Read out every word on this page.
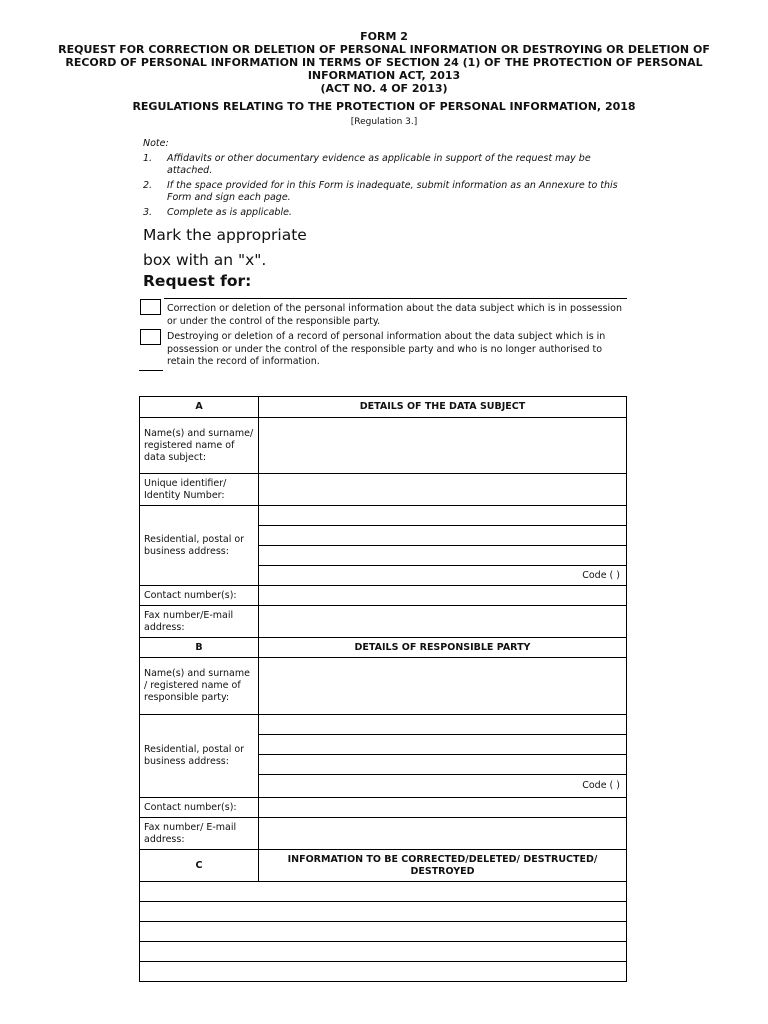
FORM 2
REQUEST FOR CORRECTION OR DELETION OF PERSONAL INFORMATION OR DESTROYING OR DELETION OF
RECORD OF PERSONAL INFORMATION IN TERMS OF SECTION 24 (1) OF THE PROTECTION OF PERSONAL
INFORMATION ACT, 2013
(ACT NO. 4 OF 2013)
REGULATIONS RELATING TO THE PROTECTION OF PERSONAL INFORMATION, 2018
[Regulation 3.]
Note:
1.	Affidavits or other documentary evidence as applicable in support of the request may be attached.
2.	If the space provided for in this Form is inadequate, submit information as an Annexure to this Form and sign each page.
3.	Complete as is applicable.
Mark the appropriate
box with an "x".
Request for:
Correction or deletion of the personal information about the data subject which is in possession or under the control of the responsible party.
Destroying or deletion of a record of personal information about the data subject which is in possession or under the control of the responsible party and who is no longer authorised to retain the record of information.
A	DETAILS OF THE DATA SUBJECT
Name(s) and surname/ registered name of data subject:	
Unique identifier/ Identity Number:	
Residential, postal or business address:	

	Code ( )
Contact number(s):	
Fax number/E-mail address:	
B	DETAILS OF RESPONSIBLE PARTY
Name(s) and surname / registered name of responsible party:	
Residential, postal or business address:	

	Code ( )
Contact number(s):	
Fax number/ E-mail address:	
C	INFORMATION TO BE CORRECTED/DELETED/ DESTRUCTED/ DESTROYED
